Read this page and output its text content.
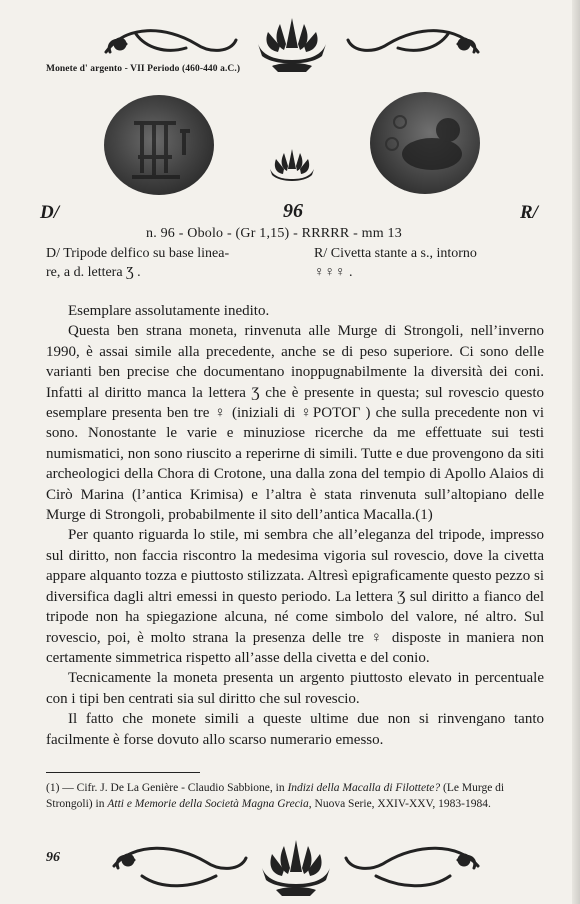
Monete d' argento - VII Periodo (460-440 a.C.)
D/	96	R/
n. 96 - Obolo - (Gr 1,15) - RRRRR - mm 13
D/ Tripode delfico su base linea-
re, a d. lettera Ʒ .
R/ Civetta stante a s., intorno
♀♀♀ .

Esemplare assolutamente inedito.

Questa ben strana moneta, rinvenuta alle Murge di Strongoli, nell’inverno 1990, è assai simile alla precedente, anche se di peso superiore. Ci sono delle varianti ben precise che documentano inoppugnabilmente la diversità dei coni. Infatti al diritto manca la lettera Ʒ che è presente in questa; sul rovescio questo esemplare presenta ben tre ♀ (iniziali di ♀POTOΓ ) che sulla precedente non vi sono. Nonostante le varie e minuziose ricerche da me effettuate sui testi numismatici, non sono riuscito a reperirne di simili. Tutte e due provengono da siti archeologici della Chora di Crotone, una dalla zona del tempio di Apollo Alaios di Cirò Marina (l’antica Krimisa) e l’altra è stata rinvenuta sull’altopiano delle Murge di Strongoli, probabilmente il sito dell’antica Macalla.(1)

Per quanto riguarda lo stile, mi sembra che all’eleganza del tripode, impresso sul diritto, non faccia riscontro la medesima vigoria sul rovescio, dove la civetta appare alquanto tozza e piuttosto stilizzata. Altresì epigraficamente questo pezzo si diversifica dagli altri emessi in questo periodo. La lettera Ʒ sul diritto a fianco del tripode non ha spiegazione alcuna, né come simbolo del valore, né altro. Sul rovescio, poi, è molto strana la presenza delle tre ♀ disposte in maniera non certamente simmetrica rispetto all’asse della civetta e del conio.

Tecnicamente la moneta presenta un argento piuttosto elevato in percentuale con i tipi ben centrati sia sul diritto che sul rovescio.

Il fatto che monete simili a queste ultime due non si rinvengano tanto facilmente è forse dovuto allo scarso numerario emesso.

(1) — Cifr. J. De La Genière - Claudio Sabbione, in Indizi della Macalla di Filottete? (Le Murge di Strongoli) in Atti e Memorie della Società Magna Grecia, Nuova Serie, XXIV-XXV, 1983-1984.
96
